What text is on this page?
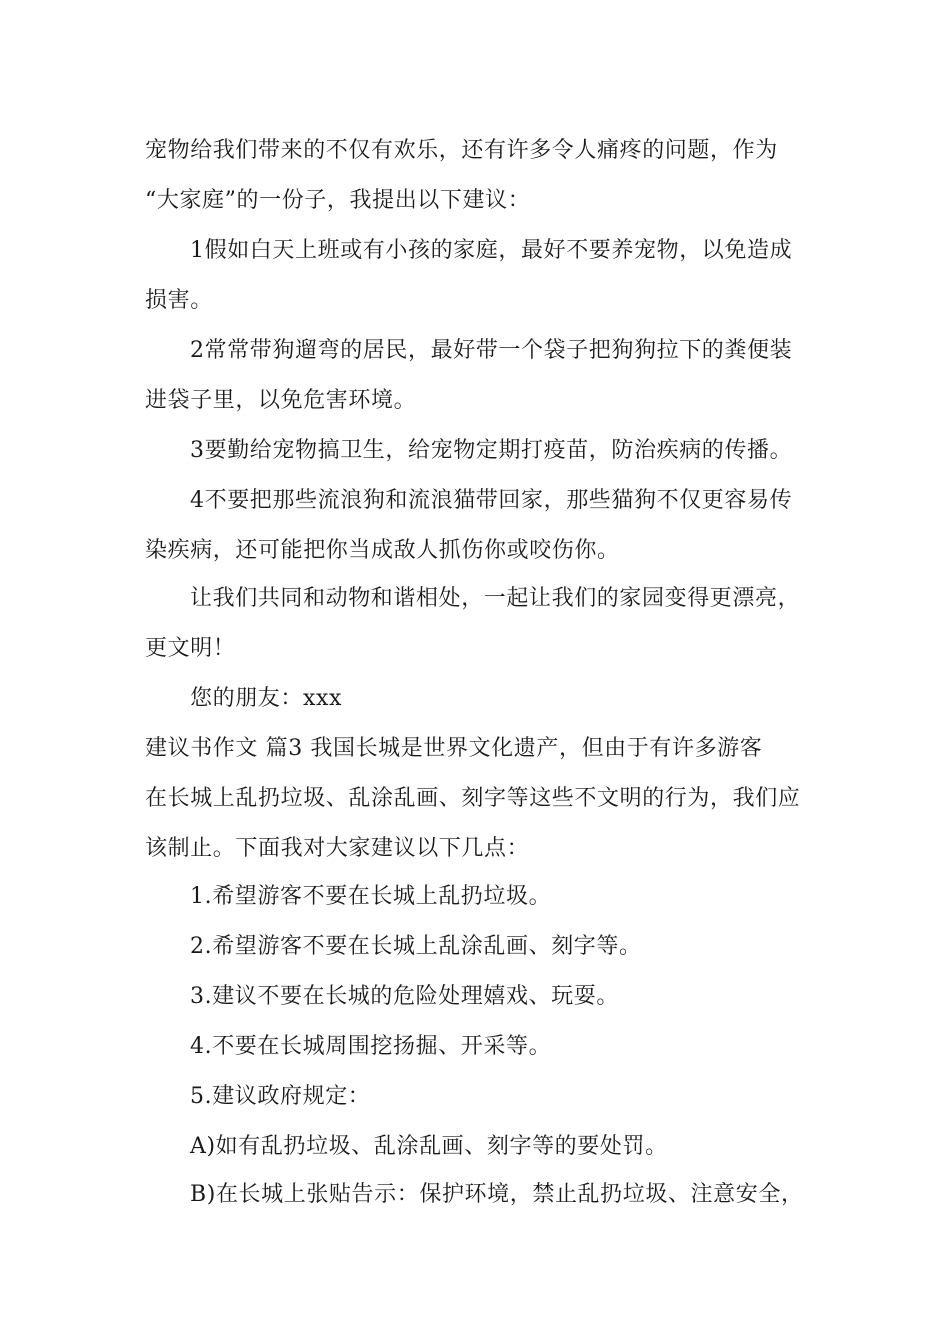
宠物给我们带来的不仅有欢乐，还有许多令人痛疼的问题，作为
“大家庭”的一份子，我提出以下建议：
1假如白天上班或有小孩的家庭，最好不要养宠物，以免造成
损害。
2常常带狗遛弯的居民，最好带一个袋子把狗狗拉下的粪便装
进袋子里，以免危害环境。
3要勤给宠物搞卫生，给宠物定期打疫苗，防治疾病的传播。
4不要把那些流浪狗和流浪猫带回家，那些猫狗不仅更容易传
染疾病，还可能把你当成敌人抓伤你或咬伤你。
让我们共同和动物和谐相处，一起让我们的家园变得更漂亮，
更文明！
您的朋友：xxx
建议书作文 篇3 我国长城是世界文化遗产，但由于有许多游客
在长城上乱扔垃圾、乱涂乱画、刻字等这些不文明的行为，我们应
该制止。下面我对大家建议以下几点：
1.希望游客不要在长城上乱扔垃圾。
2.希望游客不要在长城上乱涂乱画、刻字等。
3.建议不要在长城的危险处理嬉戏、玩耍。
4.不要在长城周围挖扬掘、开采等。
5.建议政府规定：
A)如有乱扔垃圾、乱涂乱画、刻字等的要处罚。
B)在长城上张贴告示：保护环境，禁止乱扔垃圾、注意安全，
